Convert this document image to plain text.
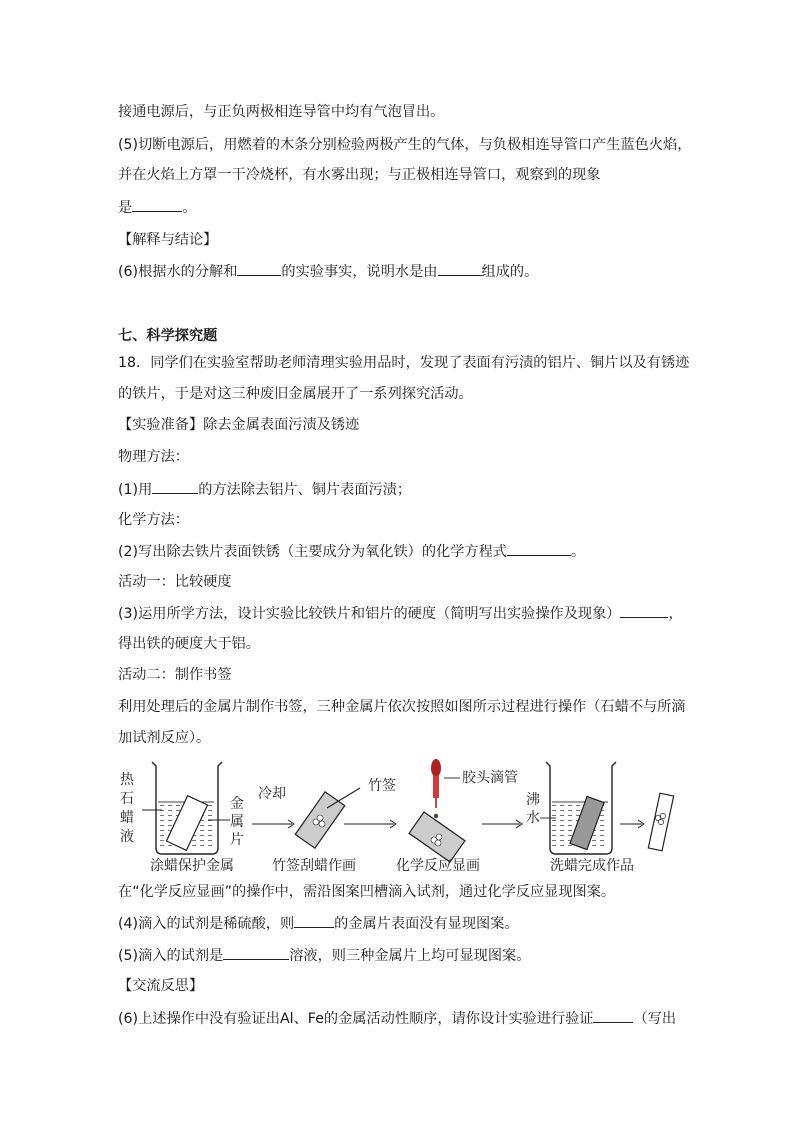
接通电源后，与正负两极相连导管中均有气泡冒出。
(5)切断电源后，用燃着的木条分别检验两极产生的气体，与负极相连导管口产生蓝色火焰，
并在火焰上方罩一干冷烧杯，有水雾出现；与正极相连导管口，观察到的现象
是	。
【解释与结论】
(6)根据水的分解和	的实验事实，说明水是由	组成的。
七、科学探究题
18．同学们在实验室帮助老师清理实验用品时，发现了表面有污渍的铝片、铜片以及有锈迹
的铁片，于是对这三种废旧金属展开了一系列探究活动。
【实验准备】除去金属表面污渍及锈迹
物理方法：
(1)用	的方法除去铝片、铜片表面污渍；
化学方法：
(2)写出除去铁片表面铁锈（主要成分为氧化铁）的化学方程式	。
活动一：比较硬度
(3)运用所学方法，设计实验比较铁片和铝片的硬度（简明写出实验操作及现象）	，
得出铁的硬度大于铝。
活动二：制作书签
利用处理后的金属片制作书签，三种金属片依次按照如图所示过程进行操作（石蜡不与所滴
加试剂反应）。
热
石
蜡
液
金
属
片
冷却	竹签	胶头滴管
沸
水
涂蜡保护金属	竹签刮蜡作画	化学反应显画	洗蜡完成作品
在“化学反应显画”的操作中，需沿图案凹槽滴入试剂，通过化学反应显现图案。
(4)滴入的试剂是稀硫酸，则	的金属片表面没有显现图案。
(5)滴入的试剂是	溶液，则三种金属片上均可显现图案。
【交流反思】
(6)上述操作中没有验证出Al、Fe的金属活动性顺序，请你设计实验进行验证	（写出
